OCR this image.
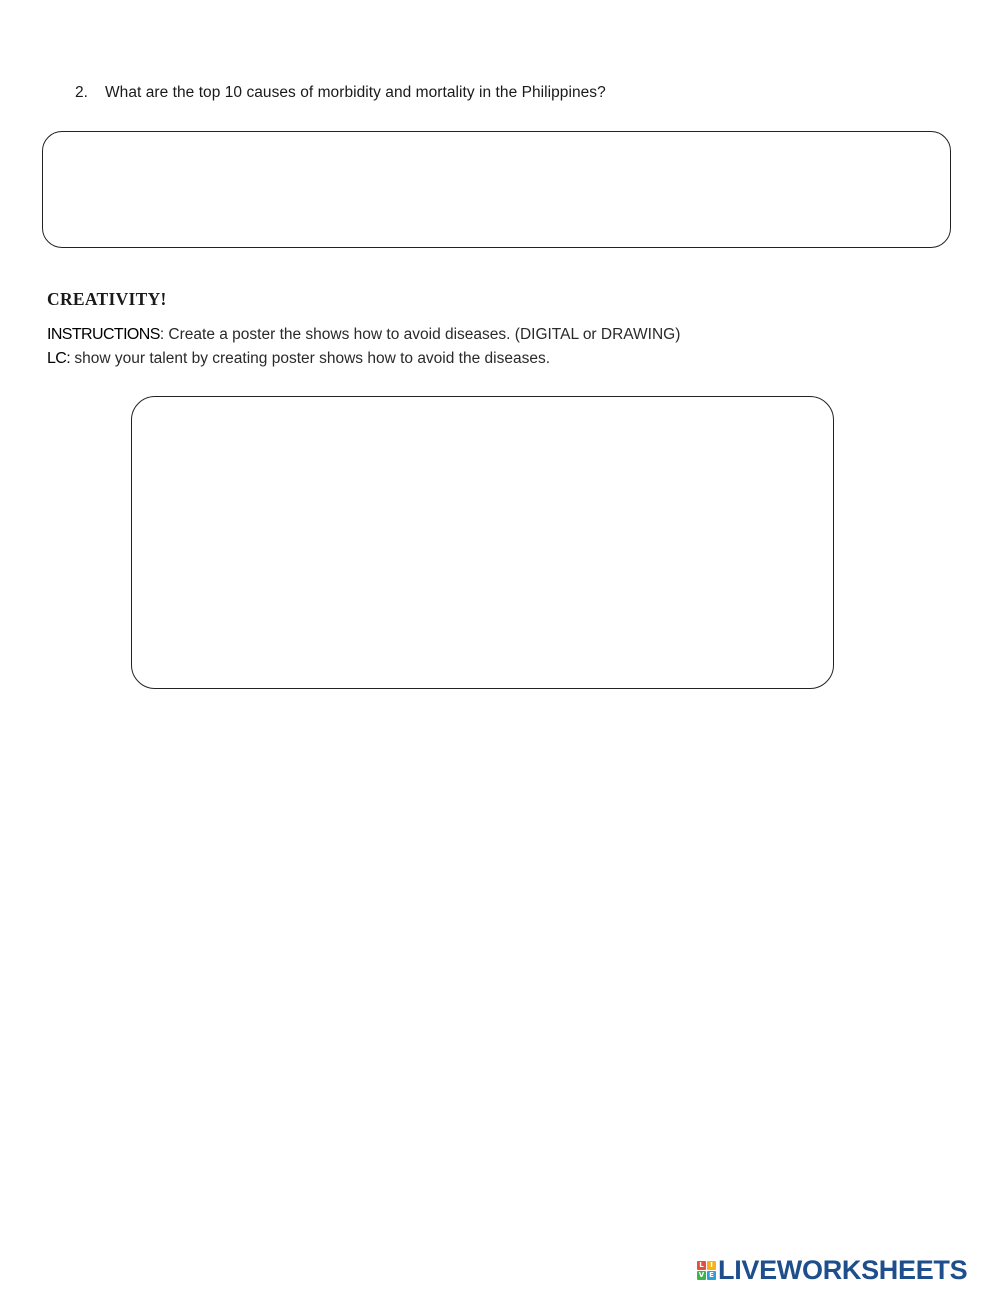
2. What are the top 10 causes of morbidity and mortality in the Philippines?
CREATIVITY!
INSTRUCTIONS: Create a poster the shows how to avoid diseases. (DIGITAL or DRAWING)
LC: show your talent by creating poster shows how to avoid the diseases.
L I
V E LIVEWORKSHEETS
